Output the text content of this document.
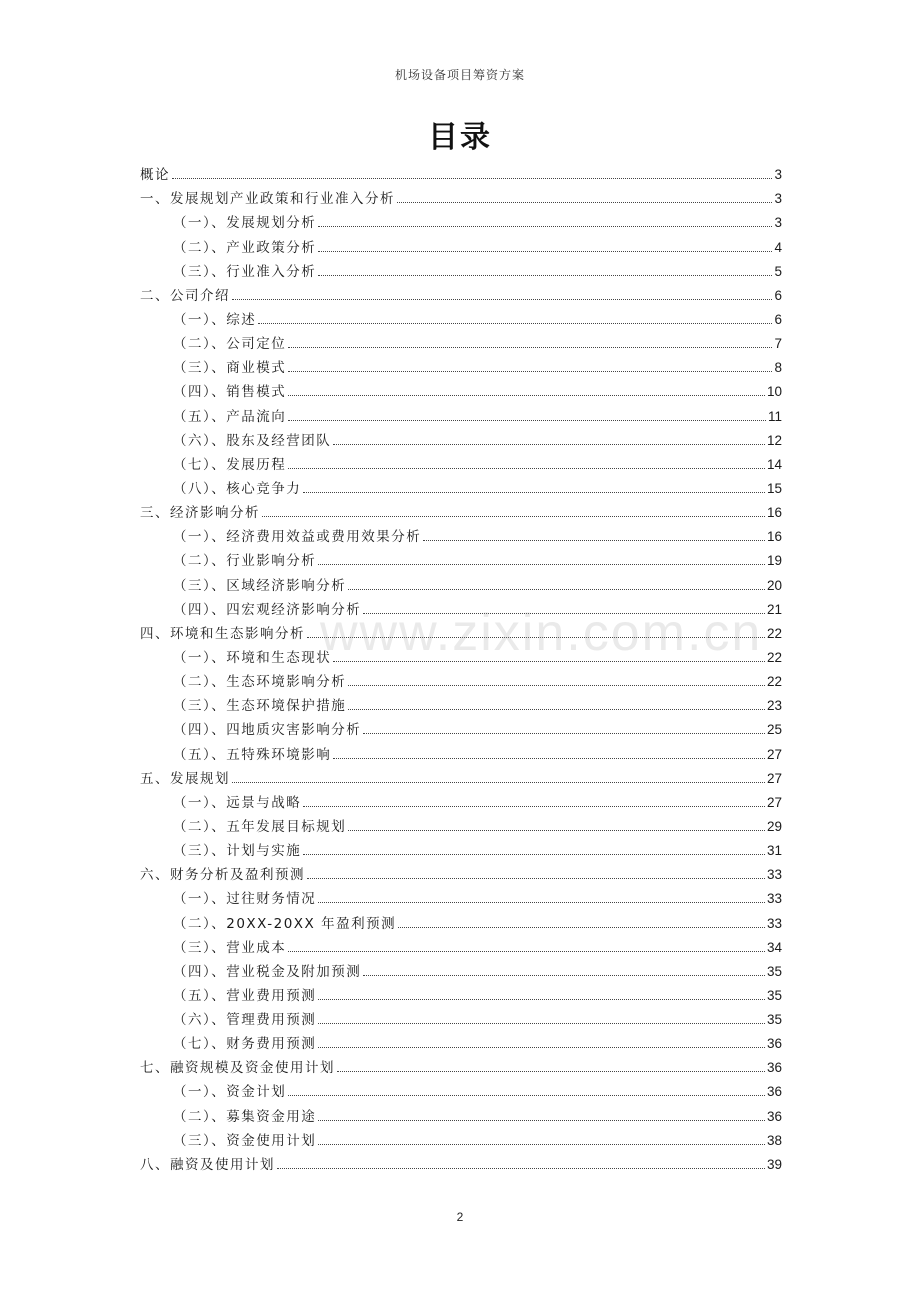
机场设备项目筹资方案
目录
概论	3
一、发展规划产业政策和行业准入分析	3
（一）、发展规划分析	3
（二）、产业政策分析	4
（三）、行业准入分析	5
二、公司介绍	6
（一）、综述	6
（二）、公司定位	7
（三）、商业模式	8
（四）、销售模式	10
（五）、产品流向	11
（六）、股东及经营团队	12
（七）、发展历程	14
（八）、核心竞争力	15
三、经济影响分析	16
（一）、经济费用效益或费用效果分析	16
（二）、行业影响分析	19
（三）、区域经济影响分析	20
（四）、四宏观经济影响分析	21
四、环境和生态影响分析	22
（一）、环境和生态现状	22
（二）、生态环境影响分析	22
（三）、生态环境保护措施	23
（四）、四地质灾害影响分析	25
（五）、五特殊环境影响	27
五、发展规划	27
（一）、远景与战略	27
（二）、五年发展目标规划	29
（三）、计划与实施	31
六、财务分析及盈利预测	33
（一）、过往财务情况	33
（二）、20XX-20XX 年盈利预测	33
（三）、营业成本	34
（四）、营业税金及附加预测	35
（五）、营业费用预测	35
（六）、管理费用预测	35
（七）、财务费用预测	36
七、融资规模及资金使用计划	36
（一）、资金计划	36
（二）、募集资金用途	36
（三）、资金使用计划	38
八、融资及使用计划	39
www.zixin.com.cn
2
